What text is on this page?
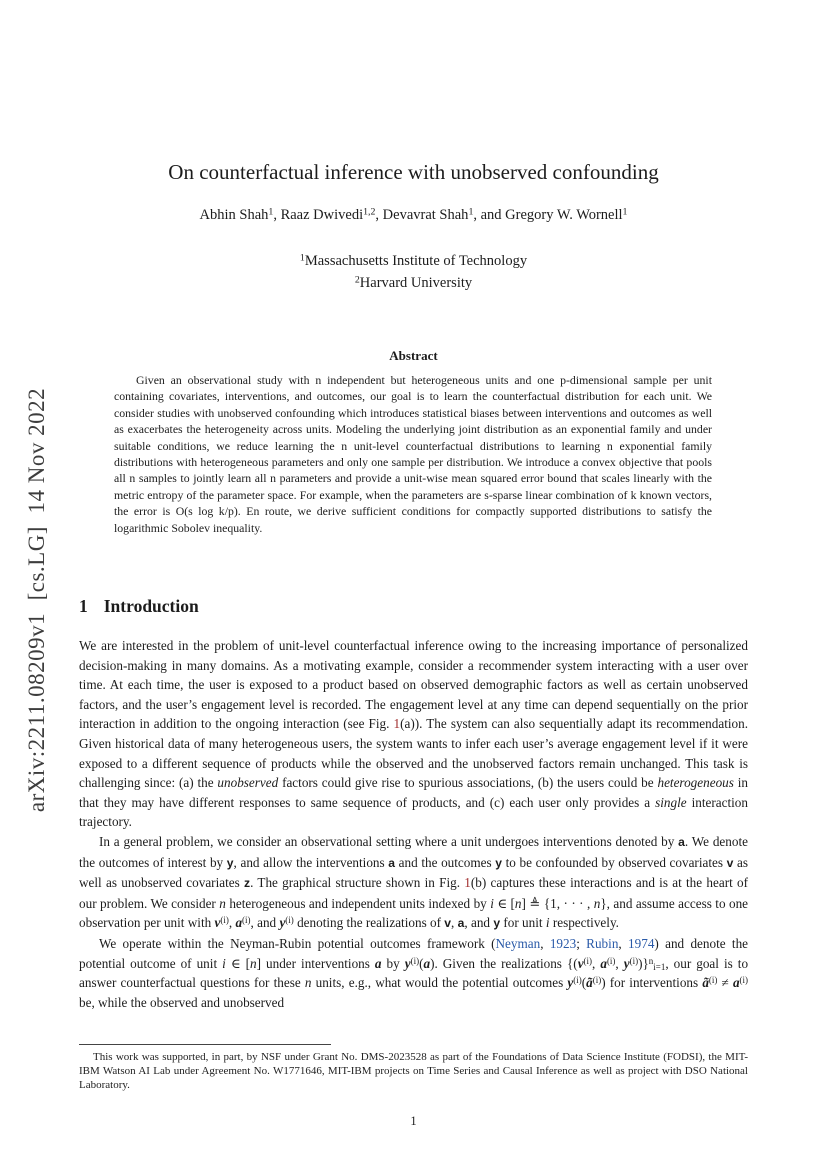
arXiv:2211.08209v1  [cs.LG]  14 Nov 2022
On counterfactual inference with unobserved confounding
Abhin Shah$^1$, Raaz Dwivedi$^{1,2}$, Devavrat Shah$^1$, and Gregory W. Wornell$^1$
$^1$Massachusetts Institute of Technology
$^2$Harvard University
Abstract

Given an observational study with n independent but heterogeneous units and one p-dimensional sample per unit containing covariates, interventions, and outcomes, our goal is to learn the counterfactual distribution for each unit. We consider studies with unobserved confounding which introduces statistical biases between interventions and outcomes as well as exacerbates the heterogeneity across units. Modeling the underlying joint distribution as an exponential family and under suitable conditions, we reduce learning the n unit-level counterfactual distributions to learning n exponential family distributions with heterogeneous parameters and only one sample per distribution. We introduce a convex objective that pools all n samples to jointly learn all n parameters and provide a unit-wise mean squared error bound that scales linearly with the metric entropy of the parameter space. For example, when the parameters are s-sparse linear combination of k known vectors, the error is O(s log k/p). En route, we derive sufficient conditions for compactly supported distributions to satisfy the logarithmic Sobolev inequality.

1 Introduction

We are interested in the problem of unit-level counterfactual inference owing to the increasing importance of personalized decision-making in many domains. As a motivating example, consider a recommender system interacting with a user over time. At each time, the user is exposed to a product based on observed demographic factors as well as certain unobserved factors, and the user’s engagement level is recorded. The engagement level at any time can depend sequentially on the prior interaction in addition to the ongoing interaction (see Fig. 1(a)). The system can also sequentially adapt its recommendation. Given historical data of many heterogeneous users, the system wants to infer each user’s average engagement level if it were exposed to a different sequence of products while the observed and the unobserved factors remain unchanged. This task is challenging since: (a) the unobserved factors could give rise to spurious associations, (b) the users could be heterogeneous in that they may have different responses to same sequence of products, and (c) each user only provides a single interaction trajectory.

In a general problem, we consider an observational setting where a unit undergoes interventions denoted by a. We denote the outcomes of interest by y, and allow the interventions a and the outcomes y to be confounded by observed covariates v as well as unobserved covariates z. The graphical structure shown in Fig. 1(b) captures these interactions and is at the heart of our problem. We consider n heterogeneous and independent units indexed by i ∈ [n] ≜ {1, · · · , n}, and assume access to one observation per unit with $v^{(i)}$, $a^{(i)}$, and $y^{(i)}$ denoting the realizations of v, a, and y for unit i respectively.

We operate within the Neyman-Rubin potential outcomes framework (Neyman, 1923; Rubin, 1974) and denote the potential outcome of unit i ∈ [n] under interventions a by $y^{(i)}(a)$. Given the realizations {($v^{(i)}$, $a^{(i)}$, $y^{(i)})\}^ni=1$, our goal is to answer counterfactual questions for these n units, e.g., what would the potential outcomes $y^{(i)}(ã^{(i)})$ for interventions $ã^{(i)} \ne a^{(i)}$ be, while the observed and unobserved

This work was supported, in part, by NSF under Grant No. DMS-2023528 as part of the Foundations of Data Science Institute (FODSI), the MIT-IBM Watson AI Lab under Agreement No. W1771646, MIT-IBM projects on Time Series and Causal Inference as well as project with DSO National Laboratory.

1
